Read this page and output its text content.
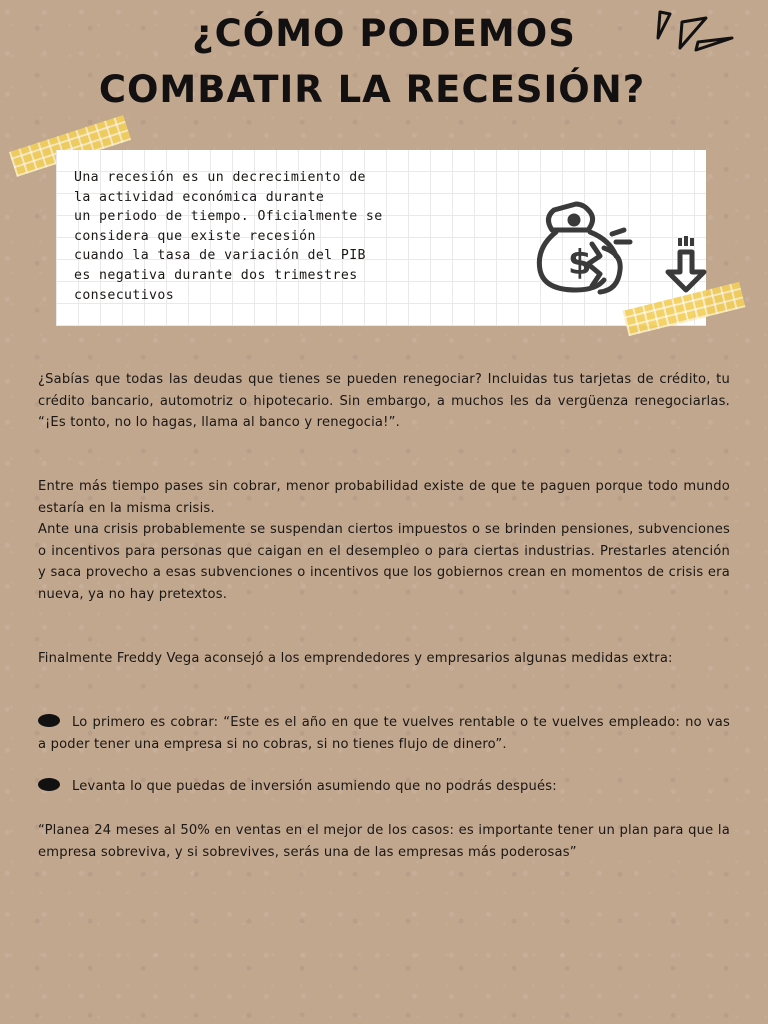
¿CÓMO PODEMOS
COMBATIR LA RECESIÓN?

Una recesión es un decrecimiento de
la actividad económica durante
un periodo de tiempo. Oficialmente se
considera que existe recesión
cuando la tasa de variación del PIB
es negativa durante dos trimestres
consecutivos

$

¿Sabías que todas las deudas que tienes se pueden renegociar? Incluidas tus tarjetas de crédito, tu crédito bancario, automotriz o hipotecario. Sin embargo, a muchos les da vergüenza renegociarlas. “¡Es tonto, no lo hagas, llama al banco y renegocia!”.

Entre más tiempo pases sin cobrar, menor probabilidad existe de que te paguen porque todo mundo estaría en la misma crisis.
Ante una crisis probablemente se suspendan ciertos impuestos o se brinden pensiones, subvenciones o incentivos para personas que caigan en el desempleo o para ciertas industrias. Prestarles atención y saca provecho a esas subvenciones o incentivos que los gobiernos crean en momentos de crisis era nueva, ya no hay pretextos.

Finalmente Freddy Vega aconsejó a los emprendedores y empresarios algunas medidas extra:

Lo primero es cobrar: “Este es el año en que te vuelves rentable o te vuelves empleado: no vas a poder tener una empresa si no cobras, si no tienes flujo de dinero”.

Levanta lo que puedas de inversión asumiendo que no podrás después:

“Planea 24 meses al 50% en ventas en el mejor de los casos: es importante tener un plan para que la empresa sobreviva, y si sobrevives, serás una de las empresas más poderosas”
